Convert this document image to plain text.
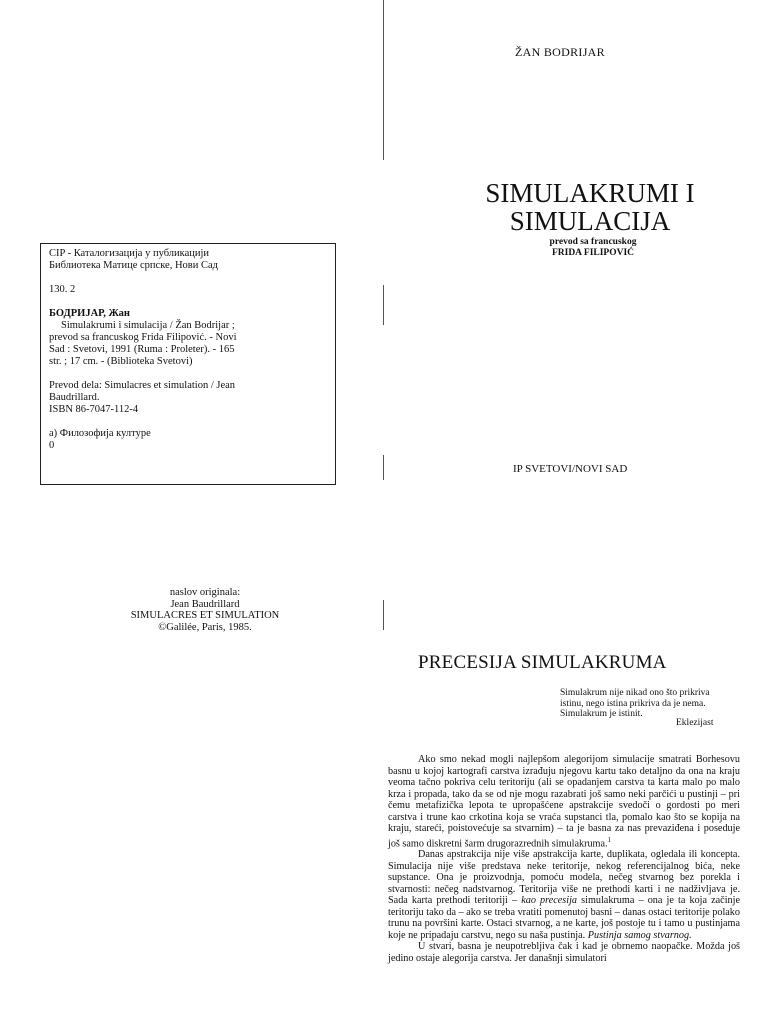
CIP - Каталогизација у публикацији

Библиотека Матице српске, Нови Сад

130. 2

БОДРИЈАР, Жан

Simulakrumi i simulacija / Žan Bodrijar ;

prevod sa francuskog Frida Filipović. - Novi

Sad : Svetovi, 1991 (Ruma : Proleter). - 165

str. ; 17 cm. - (Biblioteka Svetovi)

Prevod dela: Simulacres et simulation / Jean

Baudrillard.

ISBN 86-7047-112-4

а) Филозофија културе

0

naslov originala:
Jean Baudrillard
SIMULACRES ET SIMULATION
©Galilée, Paris, 1985.
ŽAN BODRIJAR
SIMULAKRUMI I
SIMULACIJA
prevod sa francuskog
FRIDA FILIPOVIĆ
IP SVETOVI/NOVI SAD
PRECESIJA SIMULAKRUMA
Simulakrum nije nikad ono što prikriva
istinu, nego istina prikriva da je nema.
Simulakrum je istinit.
Eklezijast

Ako smo nekad mogli najlepšom alegorijom simulacije smatrati Borhesovu basnu u kojoj kartografi carstva izrađuju njegovu kartu tako detaljno da ona na kraju veoma tačno pokriva celu teritoriju (ali se opadanjem carstva ta karta malo po malo krza i propada, tako da se od nje mogu razabrati još samo neki parčići u pustinji – pri čemu metafizička lepota te upropašćene apstrakcije svedoči o gordosti po meri carstva i trune kao crkotina koja se vraća supstanci tla, pomalo kao što se kopija na kraju, stareći, poistovećuje sa stvarnim) – ta je basna za nas prevaziđena i poseduje još samo diskretni šarm drugorazrednih simulakruma.$^1$

Danas apstrakcija nije više apstrakcija karte, duplikata, ogledala ili koncepta. Simulacija nije više predstava neke teritorije, nekog referencijalnog bića, neke supstance. Ona je proizvodnja, pomoću modela, nečeg stvarnog bez porekla i stvarnosti: nečeg nadstvarnog. Teritorija više ne prethodi karti i ne nadživljava je. Sada karta prethodi teritoriji – kao precesija simulakruma – ona je ta koja začinje teritoriju tako da – ako se treba vratiti pomenutoj basni – danas ostaci teritorije polako trunu na površini karte. Ostaci stvarnog, a ne karte, još postoje tu i tamo u pustinjama koje ne pripadaju carstvu, nego su naša pustinja. Pustinja samog stvarnog.

U stvari, basna je neupotrebljiva čak i kad je obrnemo naopačke. Možda još jedino ostaje alegorija carstva. Jer današnji simulatori
